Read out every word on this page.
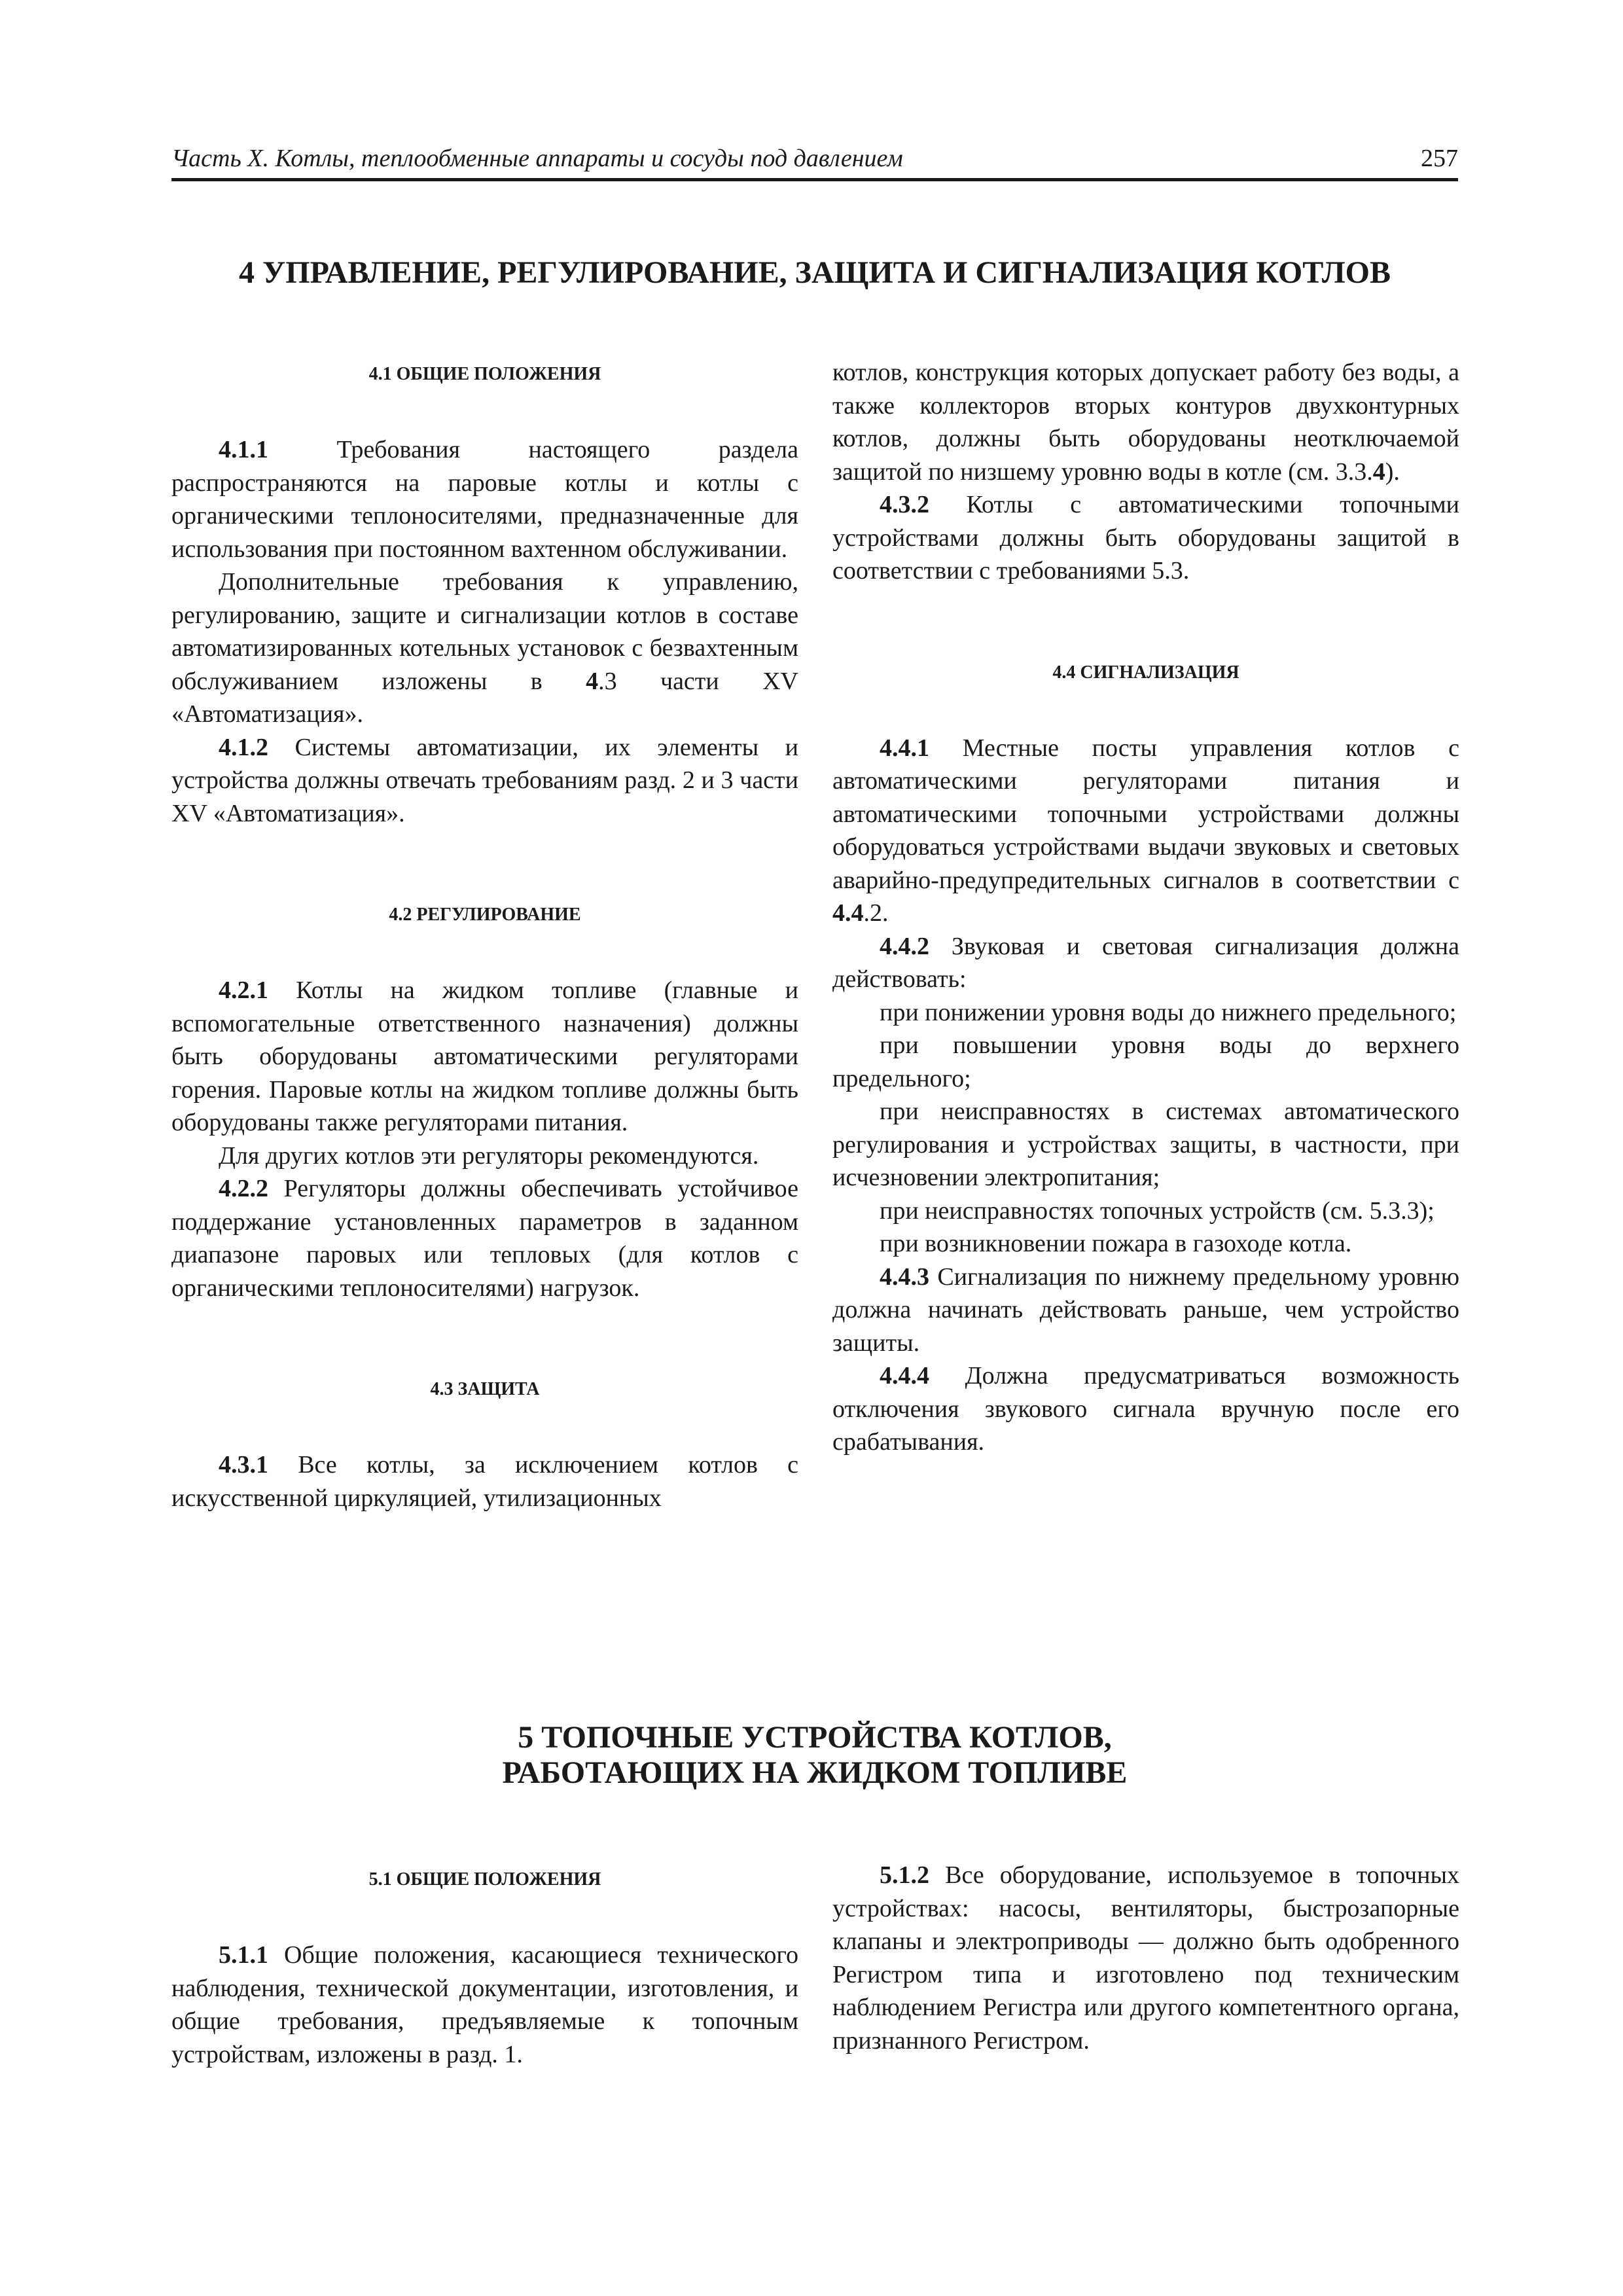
Часть X. Котлы, теплообменные аппараты и сосуды под давлением	257
4 УПРАВЛЕНИЕ, РЕГУЛИРОВАНИЕ, ЗАЩИТА И СИГНАЛИЗАЦИЯ КОТЛОВ
4.1 ОБЩИЕ ПОЛОЖЕНИЯ

4.1.1 Требования настоящего раздела распространяются на паровые котлы и котлы с органическими теплоносителями, предназначенные для использования при постоянном вахтенном обслуживании.

Дополнительные требования к управлению, регулированию, защите и сигнализации котлов в составе автоматизированных котельных установок с безвахтенным обслуживанием изложены в 4.3 части XV «Автоматизация».

4.1.2 Системы автоматизации, их элементы и устройства должны отвечать требованиям разд. 2 и 3 части XV «Автоматизация».

4.2 РЕГУЛИРОВАНИЕ

4.2.1 Котлы на жидком топливе (главные и вспомогательные ответственного назначения) должны быть оборудованы автоматическими регуляторами горения. Паровые котлы на жидком топливе должны быть оборудованы также регуляторами питания.

Для других котлов эти регуляторы рекомендуются.

4.2.2 Регуляторы должны обеспечивать устойчивое поддержание установленных параметров в заданном диапазоне паровых или тепловых (для котлов с органическими теплоносителями) нагрузок.

4.3 ЗАЩИТА

4.3.1 Все котлы, за исключением котлов с искусственной циркуляцией, утилизационных

котлов, конструкция которых допускает работу без воды, а также коллекторов вторых контуров двухконтурных котлов, должны быть оборудованы неотключаемой защитой по низшему уровню воды в котле (см. 3.3.4).

4.3.2 Котлы с автоматическими топочными устройствами должны быть оборудованы защитой в соответствии с требованиями 5.3.

4.4 СИГНАЛИЗАЦИЯ

4.4.1 Местные посты управления котлов с автоматическими регуляторами питания и автоматическими топочными устройствами должны оборудоваться устройствами выдачи звуковых и световых аварийно-предупредительных сигналов в соответствии с 4.4.2.

4.4.2 Звуковая и световая сигнализация должна действовать:

при понижении уровня воды до нижнего предельного;

при повышении уровня воды до верхнего предельного;

при неисправностях в системах автоматического регулирования и устройствах защиты, в частности, при исчезновении электропитания;

при неисправностях топочных устройств (см. 5.3.3);

при возникновении пожара в газоходе котла.

4.4.3 Сигнализация по нижнему предельному уровню должна начинать действовать раньше, чем устройство защиты.

4.4.4 Должна предусматриваться возможность отключения звукового сигнала вручную после его срабатывания.

5 ТОПОЧНЫЕ УСТРОЙСТВА КОТЛОВ,
РАБОТАЮЩИХ НА ЖИДКОМ ТОПЛИВЕ
5.1 ОБЩИЕ ПОЛОЖЕНИЯ

5.1.1 Общие положения, касающиеся технического наблюдения, технической документации, изготовления, и общие требования, предъявляемые к топочным устройствам, изложены в разд. 1.

5.1.2 Все оборудование, используемое в топочных устройствах: насосы, вентиляторы, быстрозапорные клапаны и электроприводы — должно быть одобренного Регистром типа и изготовлено под техническим наблюдением Регистра или другого компетентного органа, признанного Регистром.
